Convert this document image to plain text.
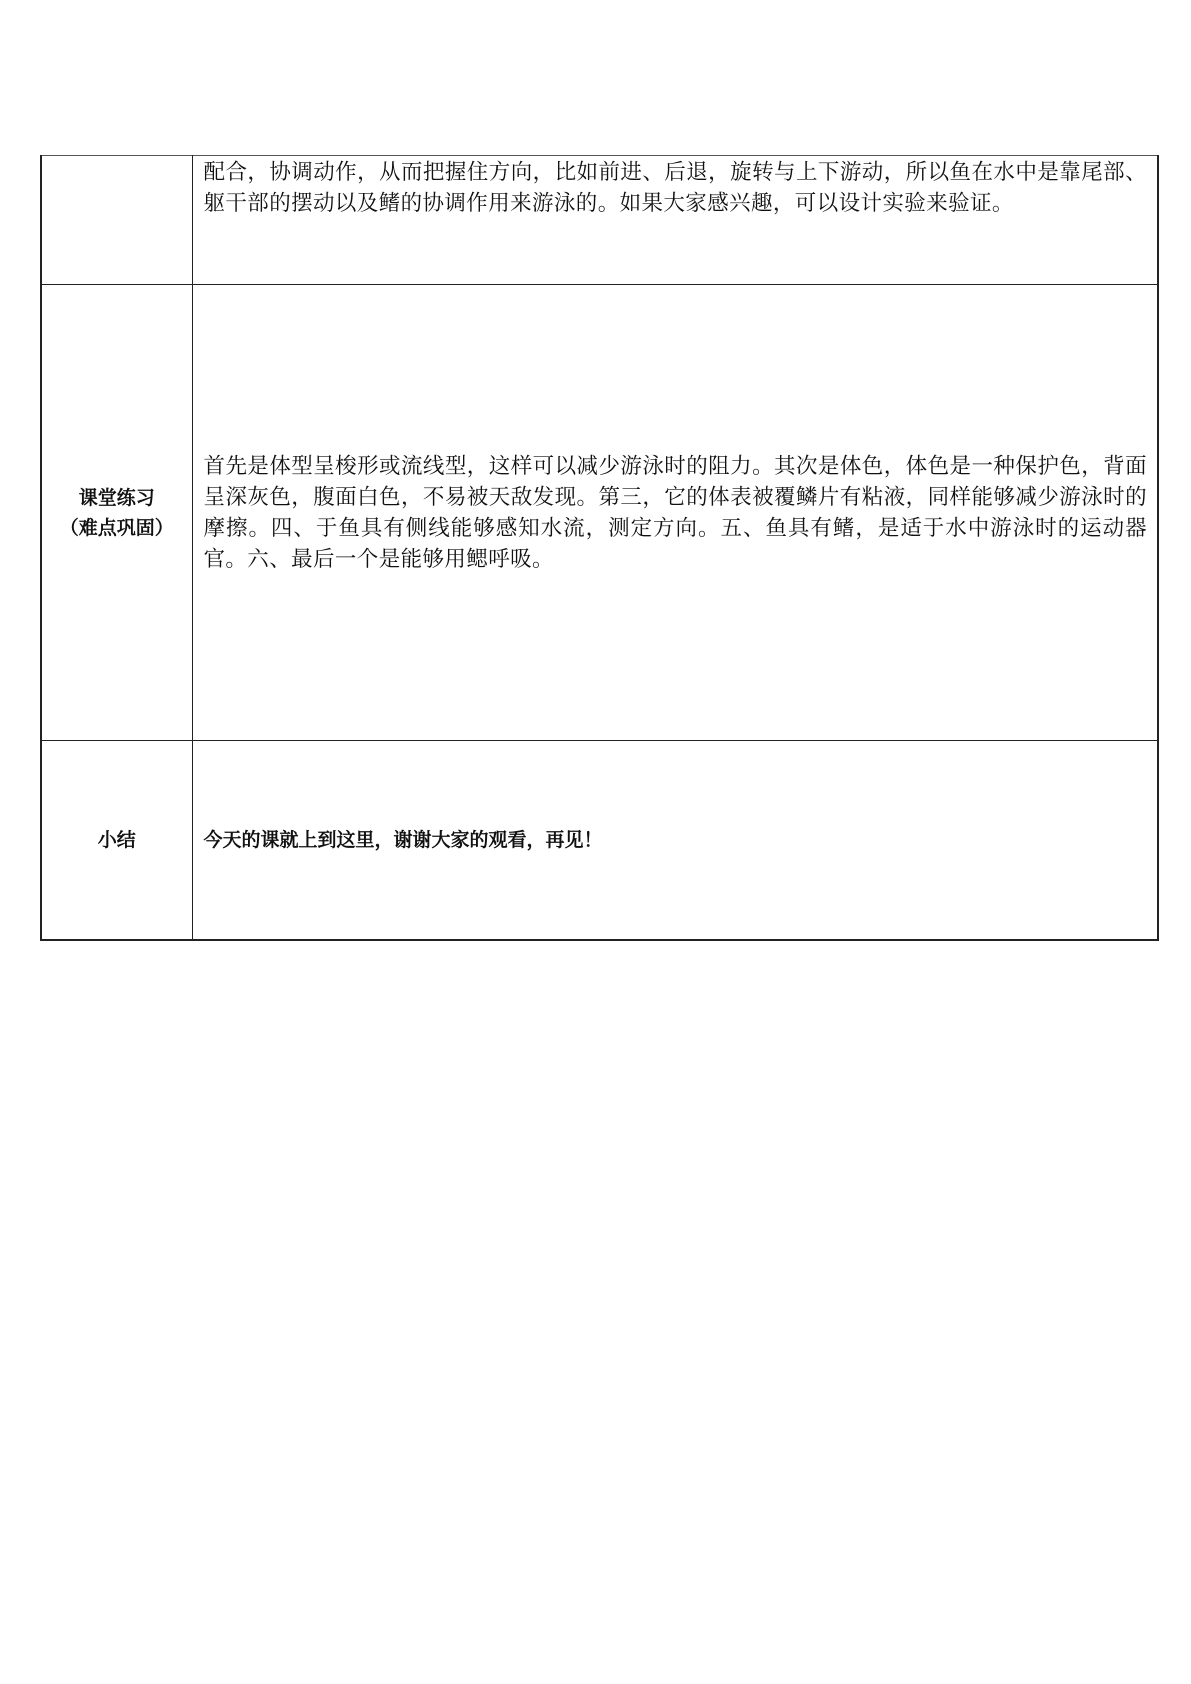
	配合，协调动作，从而把握住方向，比如前进、后退，旋转与上下游动，所以鱼在水中是靠尾部、躯干部的摆动以及鳍的协调作用来游泳的。如果大家感兴趣，可以设计实验来验证。

课堂练习
（难点巩固）	首先是体型呈梭形或流线型，这样可以减少游泳时的阻力。其次是体色，体色是一种保护色，背面呈深灰色，腹面白色，不易被天敌发现。第三，它的体表被覆鳞片有粘液，同样能够减少游泳时的摩擦。四、于鱼具有侧线能够感知水流，测定方向。五、鱼具有鳍，是适于水中游泳时的运动器官。六、最后一个是能够用鳃呼吸。

小结	今天的课就上到这里，谢谢大家的观看，再见！
